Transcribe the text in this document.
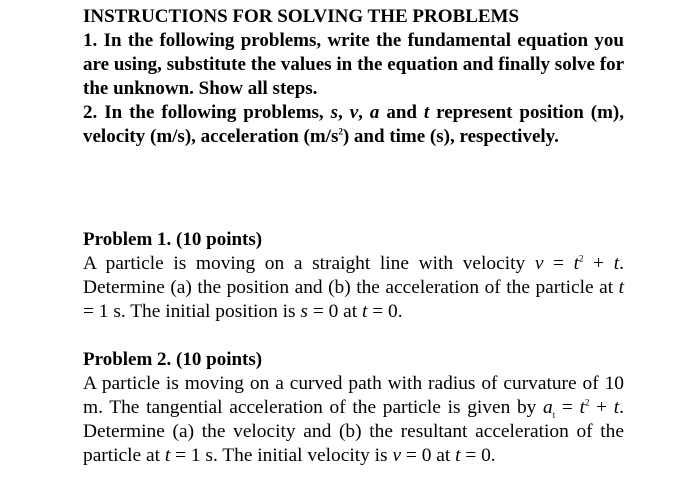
INSTRUCTIONS FOR SOLVING THE PROBLEMS

1. In the following problems, write the fundamental equation you are using, substitute the values in the equation and finally solve for the unknown. Show all steps.

2. In the following problems, s, v, a and t represent position (m), velocity (m/s), acceleration $(m/s^2)$ and time (s), respectively.

Problem 1. (10 points)

A particle is moving on a straight line with velocity $v = t^2 + t$. Determine (a) the position and (b) the acceleration of the particle at t = 1 s. The initial position is s = 0 at t = 0.

Problem 2. (10 points)

A particle is moving on a curved path with radius of curvature of 10 m. The tangential acceleration of the particle is given by $a_t = t^2 + t$. Determine (a) the velocity and (b) the resultant acceleration of the particle at t = 1 s. The initial velocity is v = 0 at t = 0.
